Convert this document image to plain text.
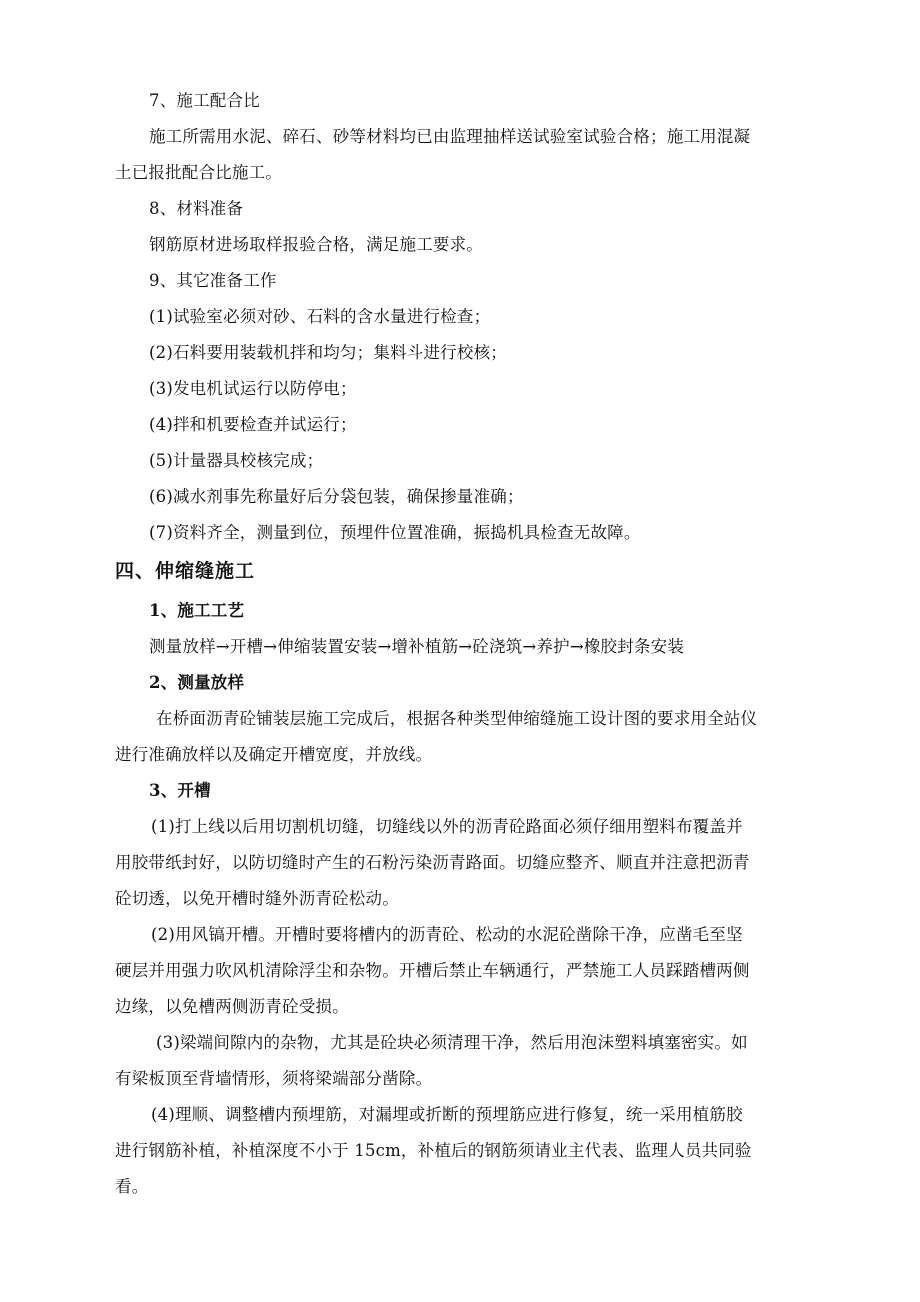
7、施工配合比
施工所需用水泥、碎石、砂等材料均已由监理抽样送试验室试验合格；施工用混凝
土已报批配合比施工。
8、材料准备
钢筋原材进场取样报验合格，满足施工要求。
9、其它准备工作
(1)试验室必须对砂、石料的含水量进行检查；
(2)石料要用装载机拌和均匀；集料斗进行校核；
(3)发电机试运行以防停电；
(4)拌和机要检查并试运行；
(5)计量器具校核完成；
(6)减水剂事先称量好后分袋包装，确保掺量准确；
(7)资料齐全，测量到位，预埋件位置准确，振捣机具检查无故障。
四、伸缩缝施工
1、施工工艺
测量放样→开槽→伸缩装置安装→增补植筋→砼浇筑→养护→橡胶封条安装
2、测量放样
在桥面沥青砼铺装层施工完成后，根据各种类型伸缩缝施工设计图的要求用全站仪
进行准确放样以及确定开槽宽度，并放线。
3、开槽
(1)打上线以后用切割机切缝，切缝线以外的沥青砼路面必须仔细用塑料布覆盖并
用胶带纸封好，以防切缝时产生的石粉污染沥青路面。切缝应整齐、顺直并注意把沥青
砼切透，以免开槽时缝外沥青砼松动。
(2)用风镐开槽。开槽时要将槽内的沥青砼、松动的水泥砼凿除干净，应凿毛至坚
硬层并用强力吹风机清除浮尘和杂物。开槽后禁止车辆通行，严禁施工人员踩踏槽两侧
边缘，以免槽两侧沥青砼受损。
(3)梁端间隙内的杂物，尤其是砼块必须清理干净，然后用泡沫塑料填塞密实。如
有梁板顶至背墙情形，须将梁端部分凿除。
(4)理顺、调整槽内预埋筋，对漏埋或折断的预埋筋应进行修复，统一采用植筋胶
进行钢筋补植，补植深度不小于 15cm，补植后的钢筋须请业主代表、监理人员共同验
看。
